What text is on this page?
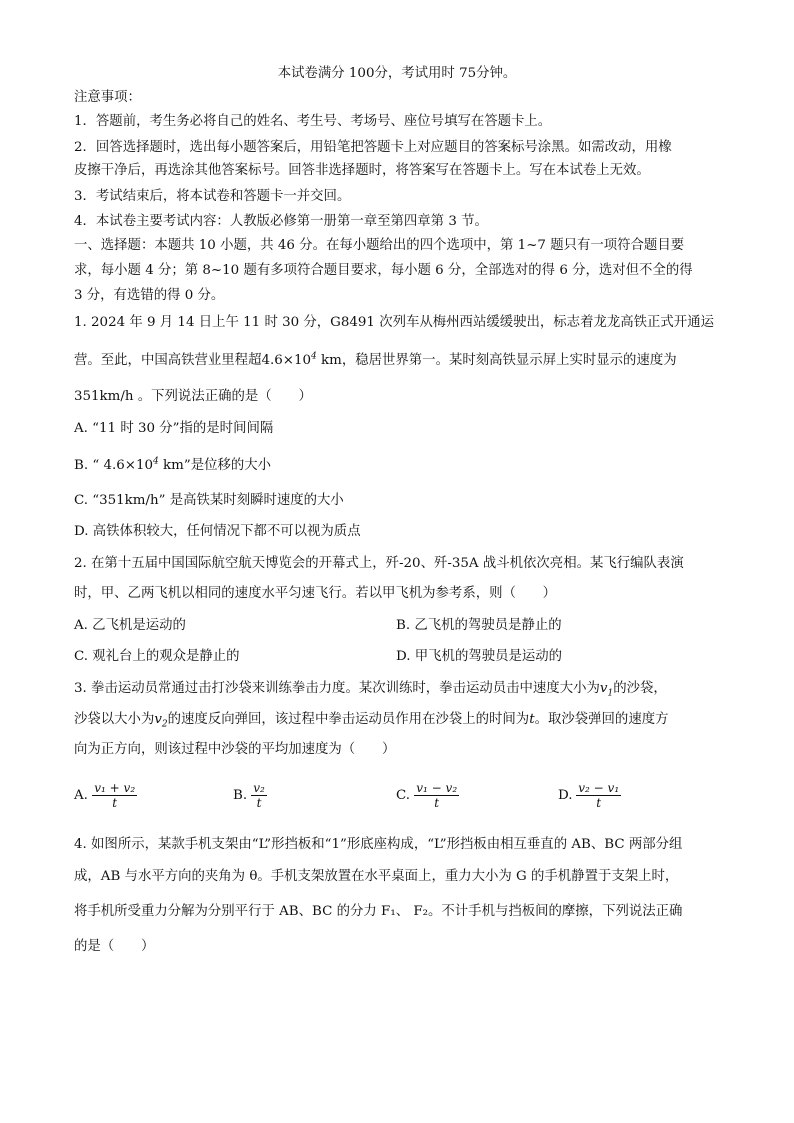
本试卷满分 100分，考试用时 75分钟。
注意事项：
1．答题前，考生务必将自己的姓名、考生号、考场号、座位号填写在答题卡上。
2．回答选择题时，选出每小题答案后，用铅笔把答题卡上对应题目的答案标号涂黑。如需改动，用橡
皮擦干净后，再选涂其他答案标号。回答非选择题时，将答案写在答题卡上。写在本试卷上无效。
3．考试结束后，将本试卷和答题卡一并交回。
4．本试卷主要考试内容：人教版必修第一册第一章至第四章第 3 节。
一、选择题：本题共 10 小题，共 46 分。在每小题给出的四个选项中，第 1~7 题只有一项符合题目要
求，每小题 4 分；第 8~10 题有多项符合题目要求，每小题 6 分，全部选对的得 6 分，选对但不全的得
3 分，有选错的得 0 分。
1. 2024 年 9 月 14 日上午 11 时 30 分，G8491 次列车从梅州西站缓缓驶出，标志着龙龙高铁正式开通运
营。至此，中国高铁营业里程超$4.6\times 10^4$ km，稳居世界第一。某时刻高铁显示屏上实时显示的速度为
351km/h 。下列说法正确的是（　　）
A. “11 时 30 分”指的是时间间隔
B. “ $4.6\times 10^4$ km”是位移的大小
C. “351km/h” 是高铁某时刻瞬时速度的大小
D. 高铁体积较大，任何情况下都不可以视为质点
2. 在第十五届中国国际航空航天博览会的开幕式上，歼-20、歼-35A 战斗机依次亮相。某飞行编队表演
时，甲、乙两飞机以相同的速度水平匀速飞行。若以甲飞机为参考系，则（　　）
A. 乙飞机是运动的	B. 乙飞机的驾驶员是静止的
C. 观礼台上的观众是静止的	D. 甲飞机的驾驶员是运动的
3. 拳击运动员常通过击打沙袋来训练拳击力度。某次训练时，拳击运动员击中速度大小为$v_1$的沙袋，
沙袋以大小为$v_2$的速度反向弹回，该过程中拳击运动员作用在沙袋上的时间为t。取沙袋弹回的速度方
向为正方向，则该过程中沙袋的平均加速度为（　　）
A. $\frac{\text{v₁ + v₂}}{t}$	B. $\frac{\text{v₂}}{t}$	C. $\frac{\text{v₁ − v₂}}{t}$	D. $\frac{\text{v₂ − v₁}}{t}$
4. 如图所示，某款手机支架由“L”形挡板和“1”形底座构成，“L”形挡板由相互垂直的 AB、BC 两部分组
成，AB 与水平方向的夹角为 θ。手机支架放置在水平桌面上，重力大小为 G 的手机静置于支架上时，
将手机所受重力分解为分别平行于 AB、BC 的分力 F₁、 F₂。不计手机与挡板间的摩擦，下列说法正确
的是（　　）
